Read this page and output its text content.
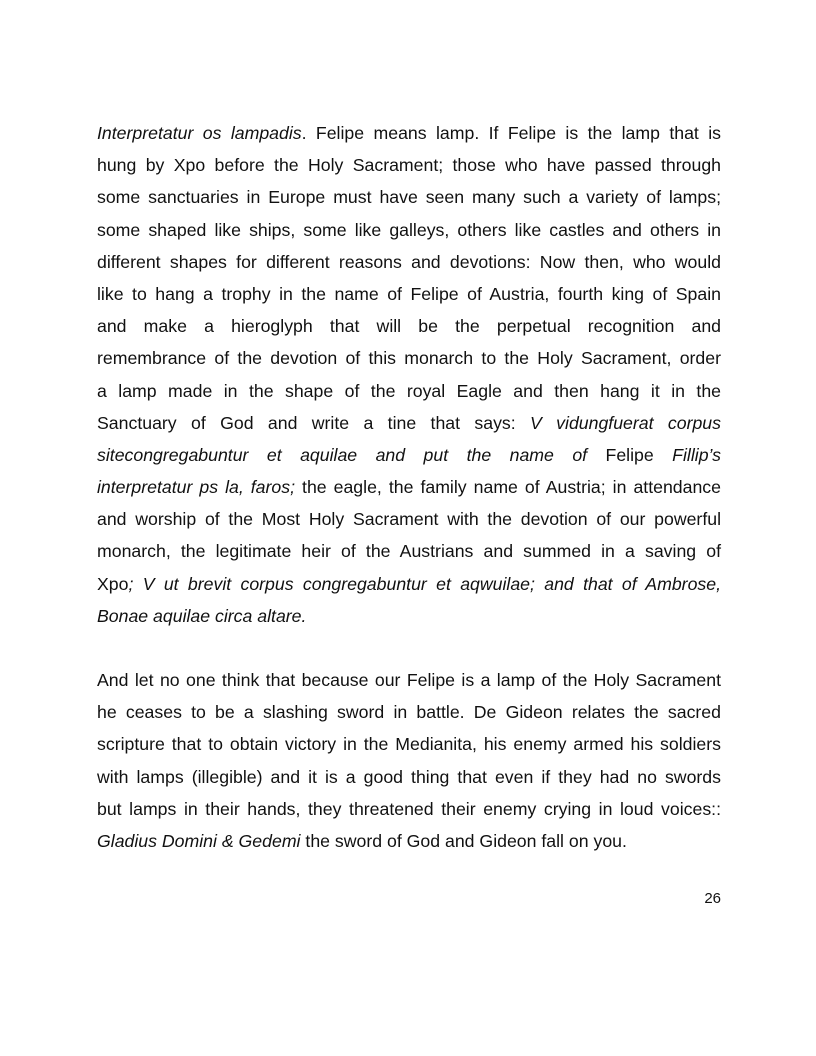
Interpretatur os lampadis. Felipe means lamp. If Felipe is the lamp that is
hung by Xpo before the Holy Sacrament; those who have passed through
some sanctuaries in Europe must have seen many such a variety of lamps;
some shaped like ships, some like galleys, others like castles and others in
different shapes for different reasons and devotions: Now then, who would
like to hang a trophy in the name of Felipe of Austria, fourth king of Spain
and make a hieroglyph that will be the perpetual recognition and
remembrance of the devotion of this monarch to the Holy Sacrament, order
a lamp made in the shape of the royal Eagle and then hang it in the
Sanctuary of God and write a tine that says: V vidungfuerat corpus
sitecongregabuntur et aquilae and put the name of Felipe Fillip’s
interpretatur ps la, faros; the eagle, the family name of Austria; in attendance
and worship of the Most Holy Sacrament with the devotion of our powerful
monarch, the legitimate heir of the Austrians and summed in a saving of
Xpo; V ut brevit corpus congregabuntur et aqwuilae; and that of Ambrose,
Bonae aquilae circa altare.
And let no one think that because our Felipe is a lamp of the Holy Sacrament
he ceases to be a slashing sword in battle. De Gideon relates the sacred
scripture that to obtain victory in the Medianita, his enemy armed his soldiers
with lamps (illegible) and it is a good thing that even if they had no swords
but lamps in their hands, they threatened their enemy crying in loud voices::
Gladius Domini & Gedemi the sword of God and Gideon fall on you.
26
